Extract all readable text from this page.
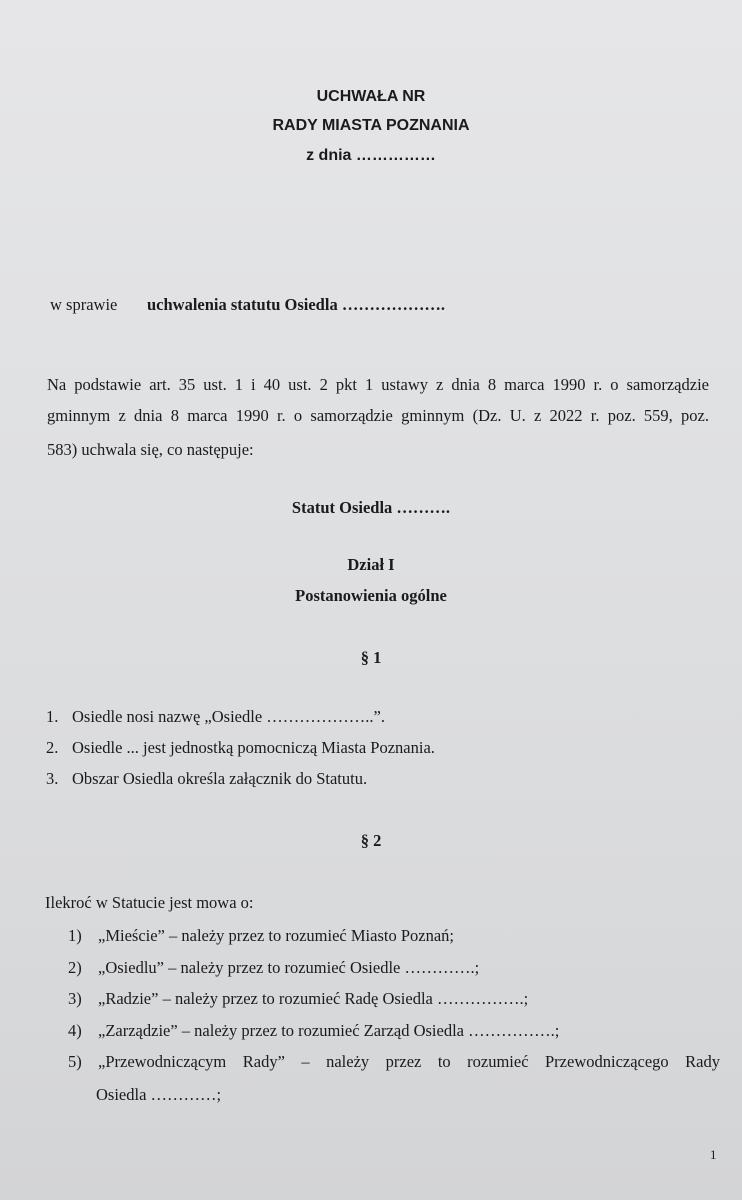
UCHWAŁA NR

RADY MIASTA POZNANIA

z dnia ……………

w sprawie uchwalenia statutu Osiedla ……………….

Na podstawie art. 35 ust. 1 i 40 ust. 2 pkt 1 ustawy z dnia 8 marca 1990 r. o samorządzie

gminnym z dnia 8 marca 1990 r. o samorządzie gminnym (Dz. U. z 2022 r. poz. 559, poz.

583) uchwala się, co następuje:

Statut Osiedla ……….

Dział I

Postanowienia ogólne

§ 1

1. Osiedle nosi nazwę „Osiedle ………………..”.

2. Osiedle ... jest jednostką pomocniczą Miasta Poznania.

3. Obszar Osiedla określa załącznik do Statutu.

§ 2

Ilekroć w Statucie jest mowa o:

1) „Mieście” – należy przez to rozumieć Miasto Poznań;

2) „Osiedlu” – należy przez to rozumieć Osiedle ………….;

3) „Radzie” – należy przez to rozumieć Radę Osiedla …………….;

4) „Zarządzie” – należy przez to rozumieć Zarząd Osiedla …………….;

5) „Przewodniczącym Rady” – należy przez to rozumieć Przewodniczącego Rady

Osiedla …………;

1
